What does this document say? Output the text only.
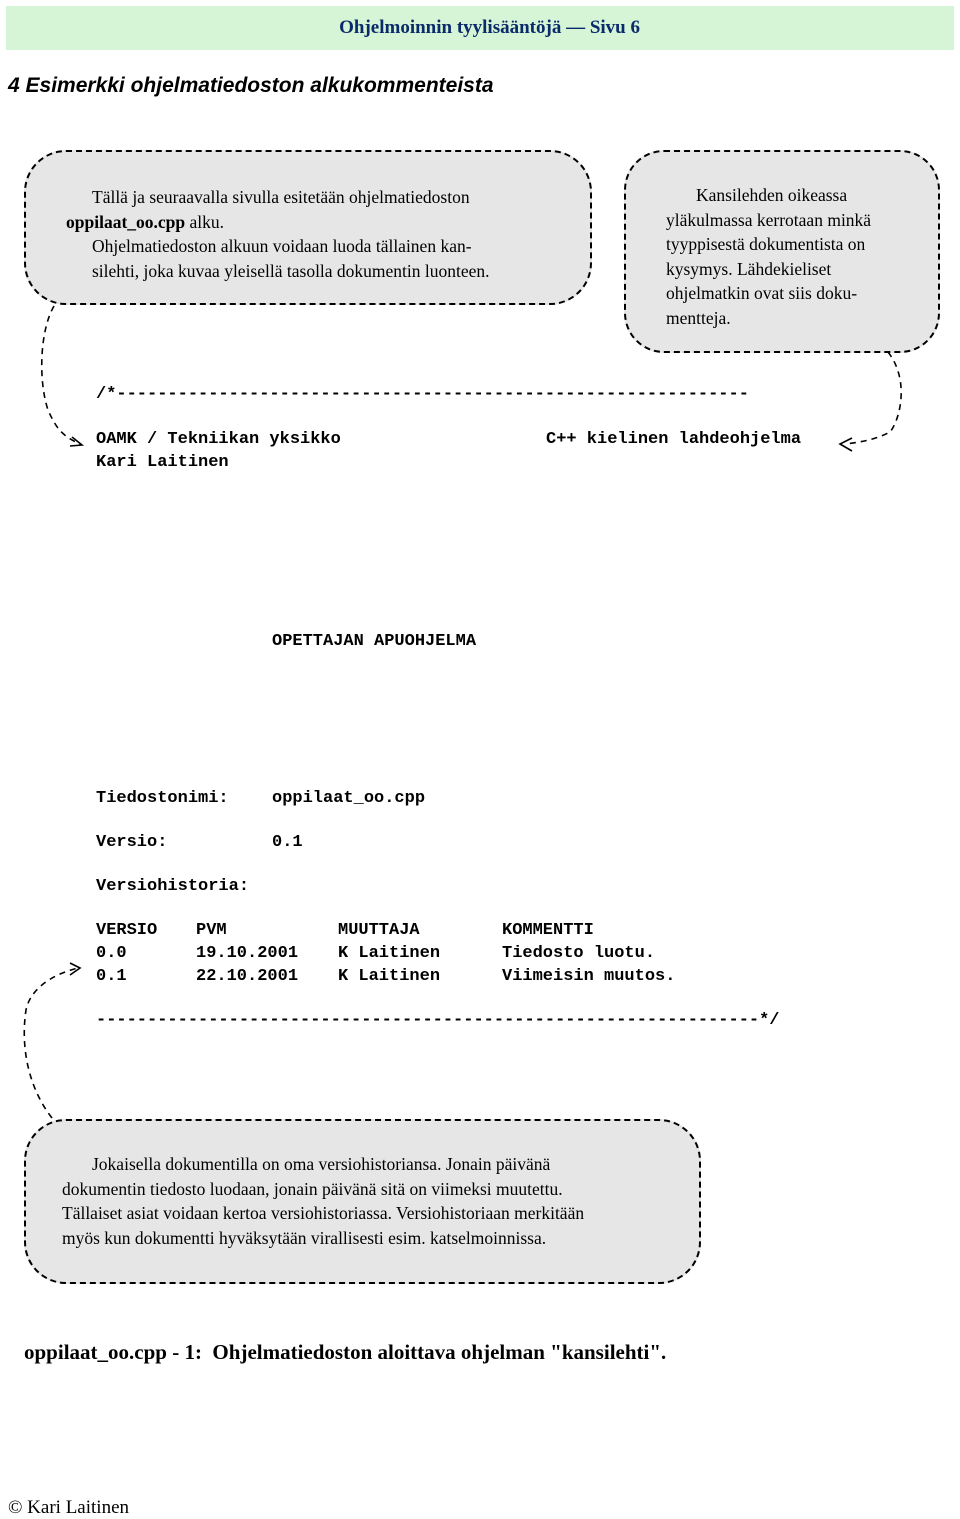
Ohjelmoinnin tyylisääntöjä — Sivu 6
4 Esimerkki ohjelmatiedoston alkukommenteista
Tällä ja seuraavalla sivulla esitetään ohjelmatiedoston
oppilaat_oo.cpp alku.
Ohjelmatiedoston alkuun voidaan luoda tällainen kan-
silehti, joka kuvaa yleisellä tasolla dokumentin luonteen.
Kansilehden oikeassa
yläkulmassa kerrotaan minkä
tyyppisestä dokumentista on
kysymys. Lähdekieliset
ohjelmatkin ovat siis doku-
mentteja.
/*--------------------------------------------------------------
OAMK / Tekniikan yksikko	C++ kielinen lahdeohjelma
Kari Laitinen
OPETTAJAN APUOHJELMA
Tiedostonimi:	oppilaat_oo.cpp
Versio:	0.1
Versiohistoria:
VERSIO PVM	MUUTTAJA	KOMMENTTI
0.0	19.10.2001 K Laitinen	Tiedosto luotu.
0.1	22.10.2001 K Laitinen	Viimeisin muutos.
-----------------------------------------------------------------*/
Jokaisella dokumentilla on oma versiohistoriansa. Jonain päivänä
dokumentin tiedosto luodaan, jonain päivänä sitä on viimeksi muutettu.
Tällaiset asiat voidaan kertoa versiohistoriassa. Versiohistoriaan merkitään
myös kun dokumentti hyväksytään virallisesti esim. katselmoinnissa.
oppilaat_oo.cpp - 1:  Ohjelmatiedoston aloittava ohjelman "kansilehti".
© Kari Laitinen
